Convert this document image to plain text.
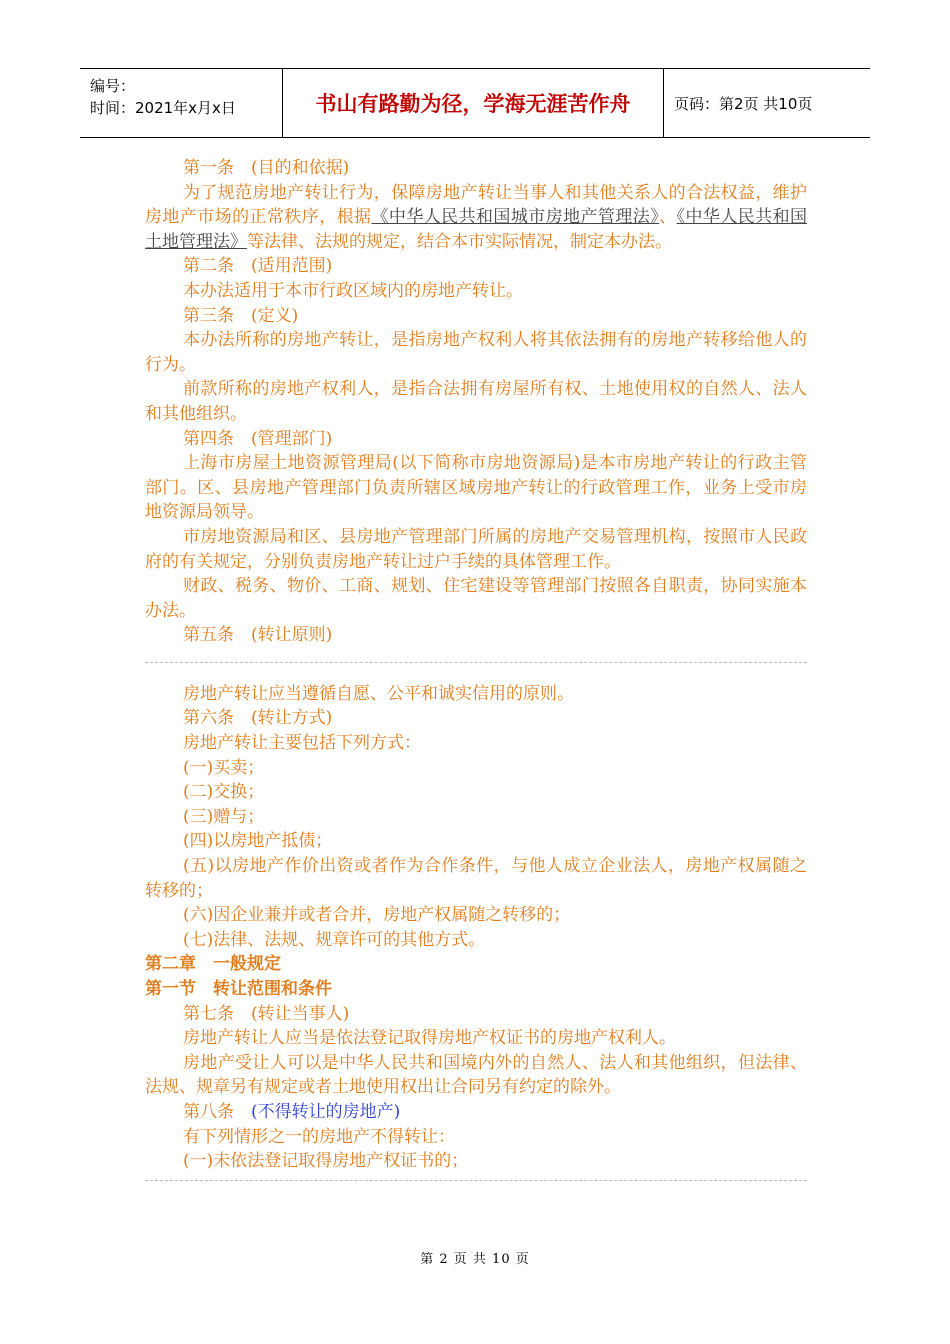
编号：
时间：2021年x月x日	书山有路勤为径，学海无涯苦作舟	页码：第2页 共10页

第一条　(目的和依据)

为了规范房地产转让行为，保障房地产转让当事人和其他关系人的合法权益，维护房地产市场的正常秩序，根据《中华人民共和国城市房地产管理法》、《中华人民共和国土地管理法》等法律、法规的规定，结合本市实际情况，制定本办法。

第二条　(适用范围)

本办法适用于本市行政区域内的房地产转让。

第三条　(定义)

本办法所称的房地产转让，是指房地产权利人将其依法拥有的房地产转移给他人的行为。

前款所称的房地产权利人，是指合法拥有房屋所有权、土地使用权的自然人、法人和其他组织。

第四条　(管理部门)

上海市房屋土地资源管理局(以下简称市房地资源局)是本市房地产转让的行政主管部门。区、县房地产管理部门负责所辖区域房地产转让的行政管理工作，业务上受市房地资源局领导。

市房地资源局和区、县房地产管理部门所属的房地产交易管理机构，按照市人民政府的有关规定，分别负责房地产转让过户手续的具体管理工作。

财政、税务、物价、工商、规划、住宅建设等管理部门按照各自职责，协同实施本办法。

第五条　(转让原则)

房地产转让应当遵循自愿、公平和诚实信用的原则。

第六条　(转让方式)

房地产转让主要包括下列方式：

(一)买卖；

(二)交换；

(三)赠与；

(四)以房地产抵债；

(五)以房地产作价出资或者作为合作条件，与他人成立企业法人，房地产权属随之转移的；

(六)因企业兼并或者合并，房地产权属随之转移的；

(七)法律、法规、规章许可的其他方式。

第二章　一般规定

第一节　转让范围和条件

第七条　(转让当事人)

房地产转让人应当是依法登记取得房地产权证书的房地产权利人。

房地产受让人可以是中华人民共和国境内外的自然人、法人和其他组织，但法律、法规、规章另有规定或者土地使用权出让合同另有约定的除外。

第八条　(不得转让的房地产)

有下列情形之一的房地产不得转让：

(一)未依法登记取得房地产权证书的；

第 2 页 共 10 页
